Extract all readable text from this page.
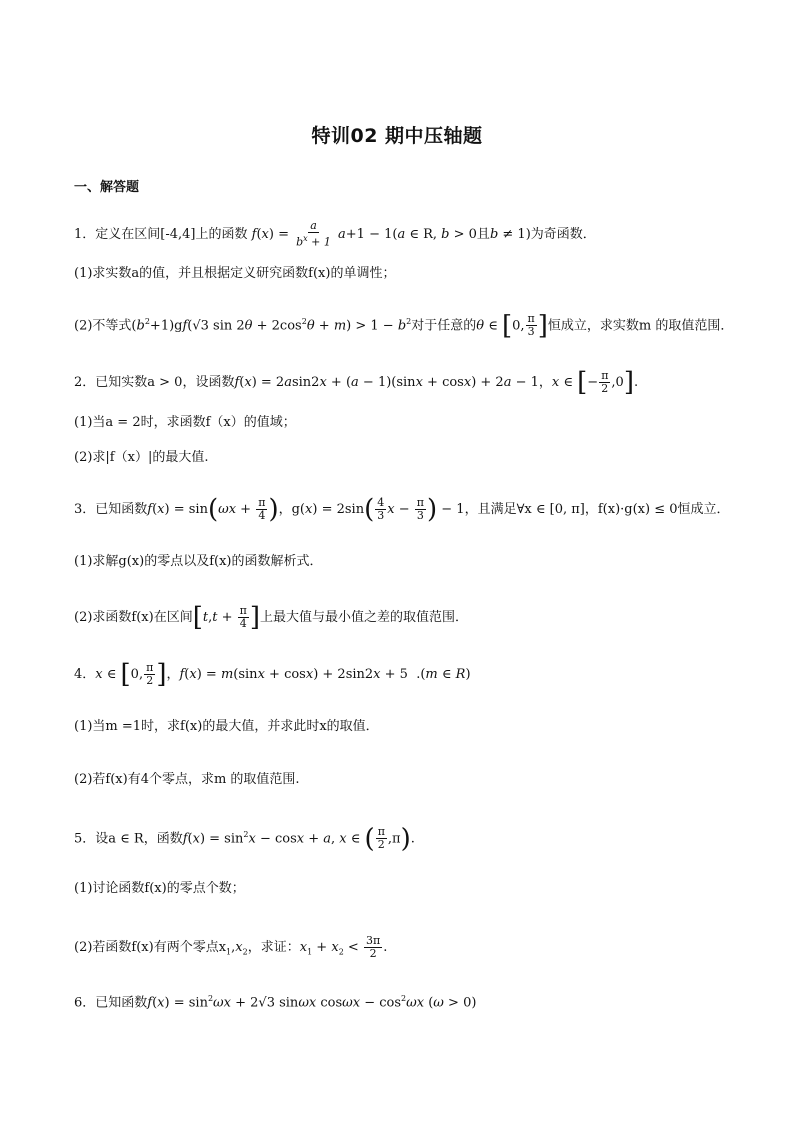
特训02 期中压轴题
一、解答题
1．定义在区间[-4,4]上的函数 $f(x) = \frac{a}{b^x + 1} a+1 - 1(a$ ∈ R, b > 0且b ≠ 1)为奇函数．
(1)求实数a的值，并且根据定义研究函数f(x)的单调性；
(2)不等式$(b^2+1)gf(√3$ $\sin 2\theta + 2\cos^2\theta + m) > 1 - b^2$对于任意的θ ∈ [0, $\frac{\pi}{3}$ ]恒成立，求实数m 的取值范围．
2．已知实数a > 0，设函数f(x) = 2asin2x + (a − 1)(sinx + cosx) + 2a − 1，x ∈ [− $\frac{\pi}{2} ,0$].
(1)当a = 2时，求函数f（x）的值域；
(2)求|f（x）|的最大值.
3．已知函数$f(x) = \sin(\omega x + \frac{\pi}{4}$ )，$g(x) = 2\sin( \frac{4}{3}$ $x - \frac{\pi}{3}$ ) − 1，且满足∀x ∈ [0, π]，f(x)·g(x) ≤ 0恒成立．
(1)求解g(x)的零点以及f(x)的函数解析式．
(2)求函数f(x)在区间[$t,t + \frac{\pi}{4}$ ]上最大值与最小值之差的取值范围．
4．x ∈ [0, $\frac{\pi}{2}$ ]，f(x) = m(sinx + cosx) + 2sin2x + 5  .(m ∈ R)
(1)当m =1时，求f(x)的最大值，并求此时x的取值．
(2)若f(x)有4个零点，求m 的取值范围.
5．设a ∈ R，函数$f(x) = \sin^2x - \cos x + a$, x ∈ ( $\frac{\pi}{2} ,\pi$).
(1)讨论函数f(x)的零点个数；
(2)若函数f(x)有两个零点$x_1,x_2$，求证：$x_1 + x_2 < \frac{3\pi}{2}$ .
6．已知函数$f(x) = \sin^2\omega x + 2√3$ sinωx $\cos\omega x - \cos^2\omega x$ (ω > 0)
